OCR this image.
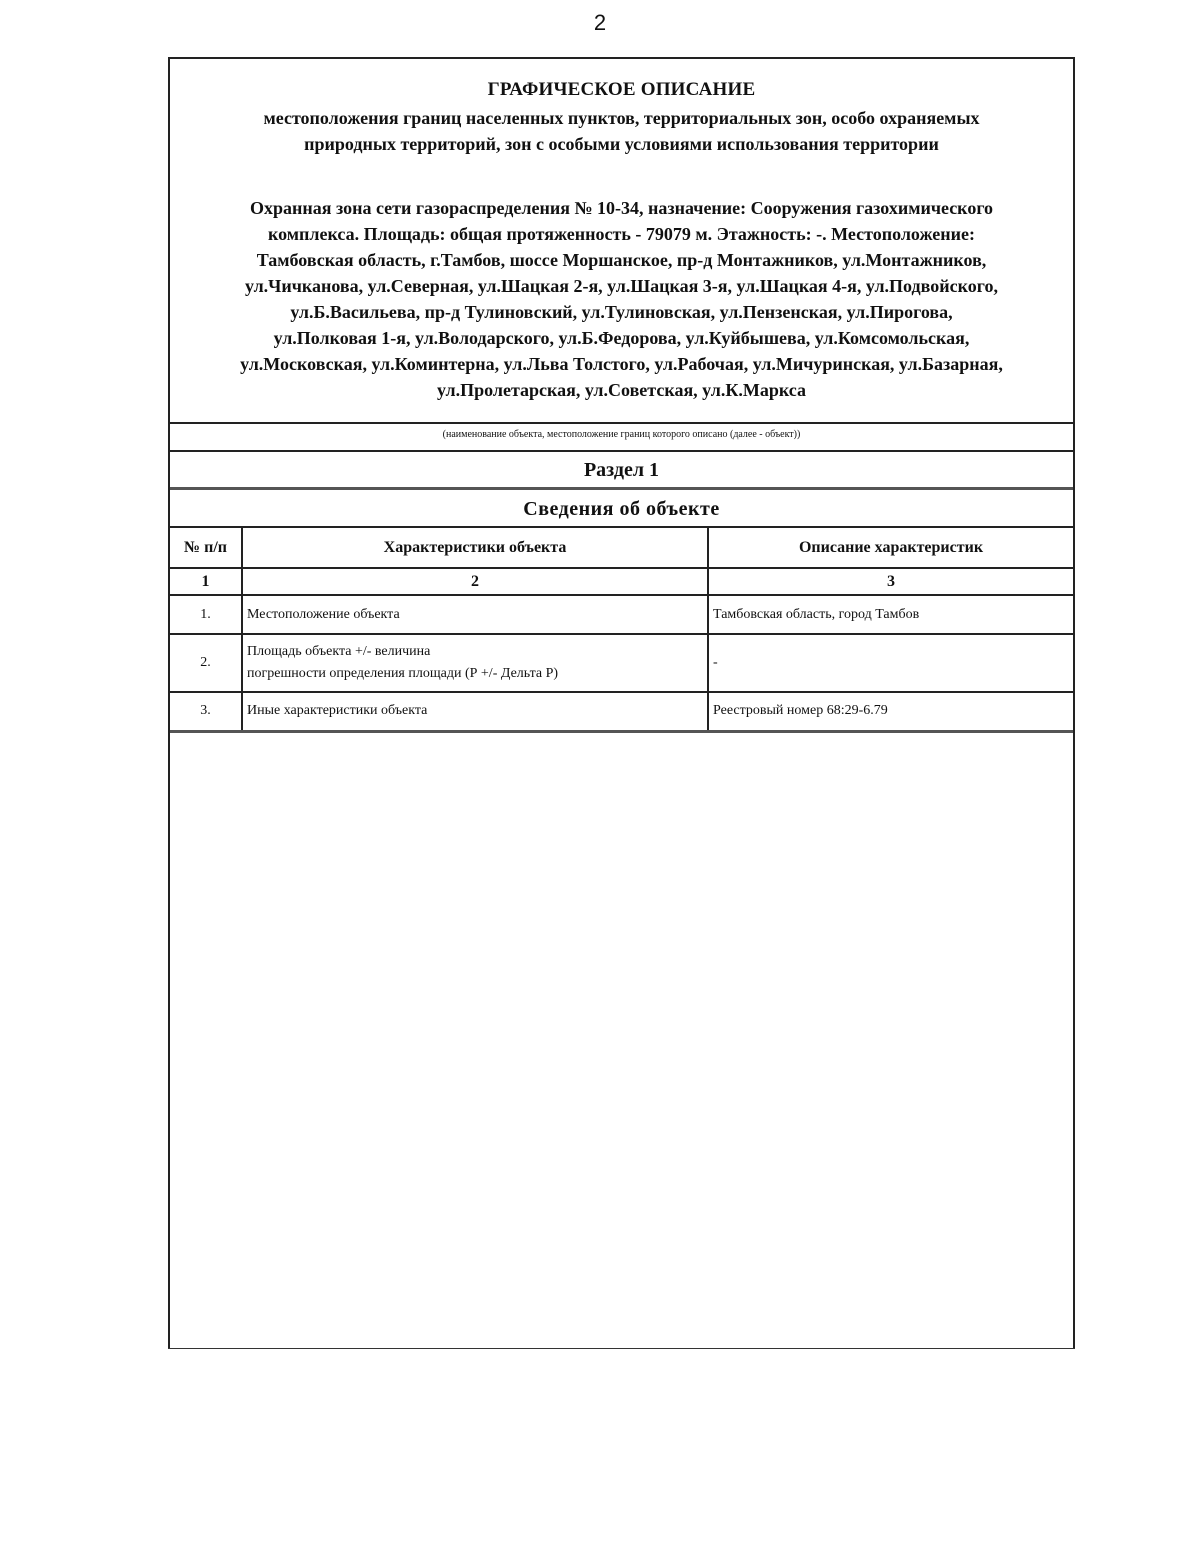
2
ГРАФИЧЕСКОЕ ОПИСАНИЕ
местоположения границ населенных пунктов, территориальных зон, особо охраняемых
природных территорий, зон с особыми условиями использования территории
Охранная зона сети газораспределения № 10-34, назначение: Сооружения газохимического
комплекса. Площадь: общая протяженность - 79079 м. Этажность: -. Местоположение:
Тамбовская область, г.Тамбов, шоссе Моршанское, пр-д Монтажников, ул.Монтажников,
ул.Чичканова, ул.Северная, ул.Шацкая 2-я, ул.Шацкая 3-я, ул.Шацкая 4-я, ул.Подвойского,
ул.Б.Васильева, пр-д Тулиновский, ул.Тулиновская, ул.Пензенская, ул.Пирогова,
ул.Полковая 1-я, ул.Володарского, ул.Б.Федорова, ул.Куйбышева, ул.Комсомольская,
ул.Московская, ул.Коминтерна, ул.Льва Толстого, ул.Рабочая, ул.Мичуринская, ул.Базарная,
ул.Пролетарская, ул.Советская, ул.К.Маркса
(наименование объекта, местоположение границ которого описано (далее - объект))
Раздел 1
Сведения об объекте
№ п/п	Характеристики объекта	Описание характеристик
1	2	3
1.	Местоположение объекта	Тамбовская область, город Тамбов
2.	Площадь объекта +/- величина
погрешности определения площади (Р +/- Дельта Р)	-
3.	Иные характеристики объекта	Реестровый номер 68:29-6.79
